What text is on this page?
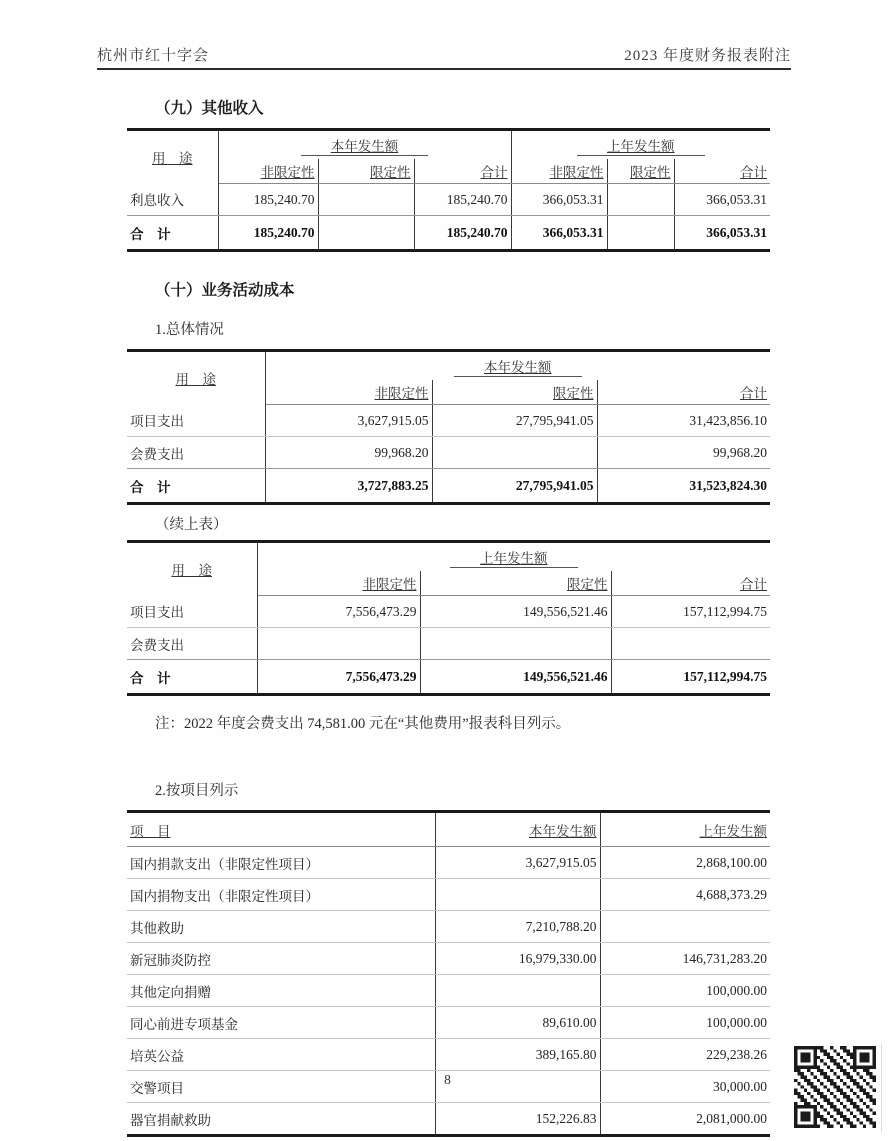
杭州市红十字会	2023 年度财务报表附注

（九）其他收入

用　途	本年发生额			上年发生额		
	非限定性	限定性	合计	非限定性	限定性	合计
利息收入	185,240.70		185,240.70	366,053.31		366,053.31
合　计	185,240.70		185,240.70	366,053.31		366,053.31

（十）业务活动成本

1.总体情况

用　途	本年发生额		
	非限定性	限定性	合计
项目支出	3,627,915.05	27,795,941.05	31,423,856.10
会费支出	99,968.20		99,968.20
合　计	3,727,883.25	27,795,941.05	31,523,824.30

（续上表）

用　途	上年发生额		
	非限定性	限定性	合计
项目支出	7,556,473.29	149,556,521.46	157,112,994.75
会费支出			
合　计	7,556,473.29	149,556,521.46	157,112,994.75

注：2022 年度会费支出 74,581.00 元在“其他费用”报表科目列示。

2.按项目列示

项　目	本年发生额	上年发生额
国内捐款支出（非限定性项目）	3,627,915.05	2,868,100.00
国内捐物支出（非限定性项目）		4,688,373.29
其他救助	7,210,788.20	
新冠肺炎防控	16,979,330.00	146,731,283.20
其他定向捐赠		100,000.00
同心前进专项基金	89,610.00	100,000.00
培英公益	389,165.80	229,238.26
交警项目		30,000.00
器官捐献救助	152,226.83	2,081,000.00
8
